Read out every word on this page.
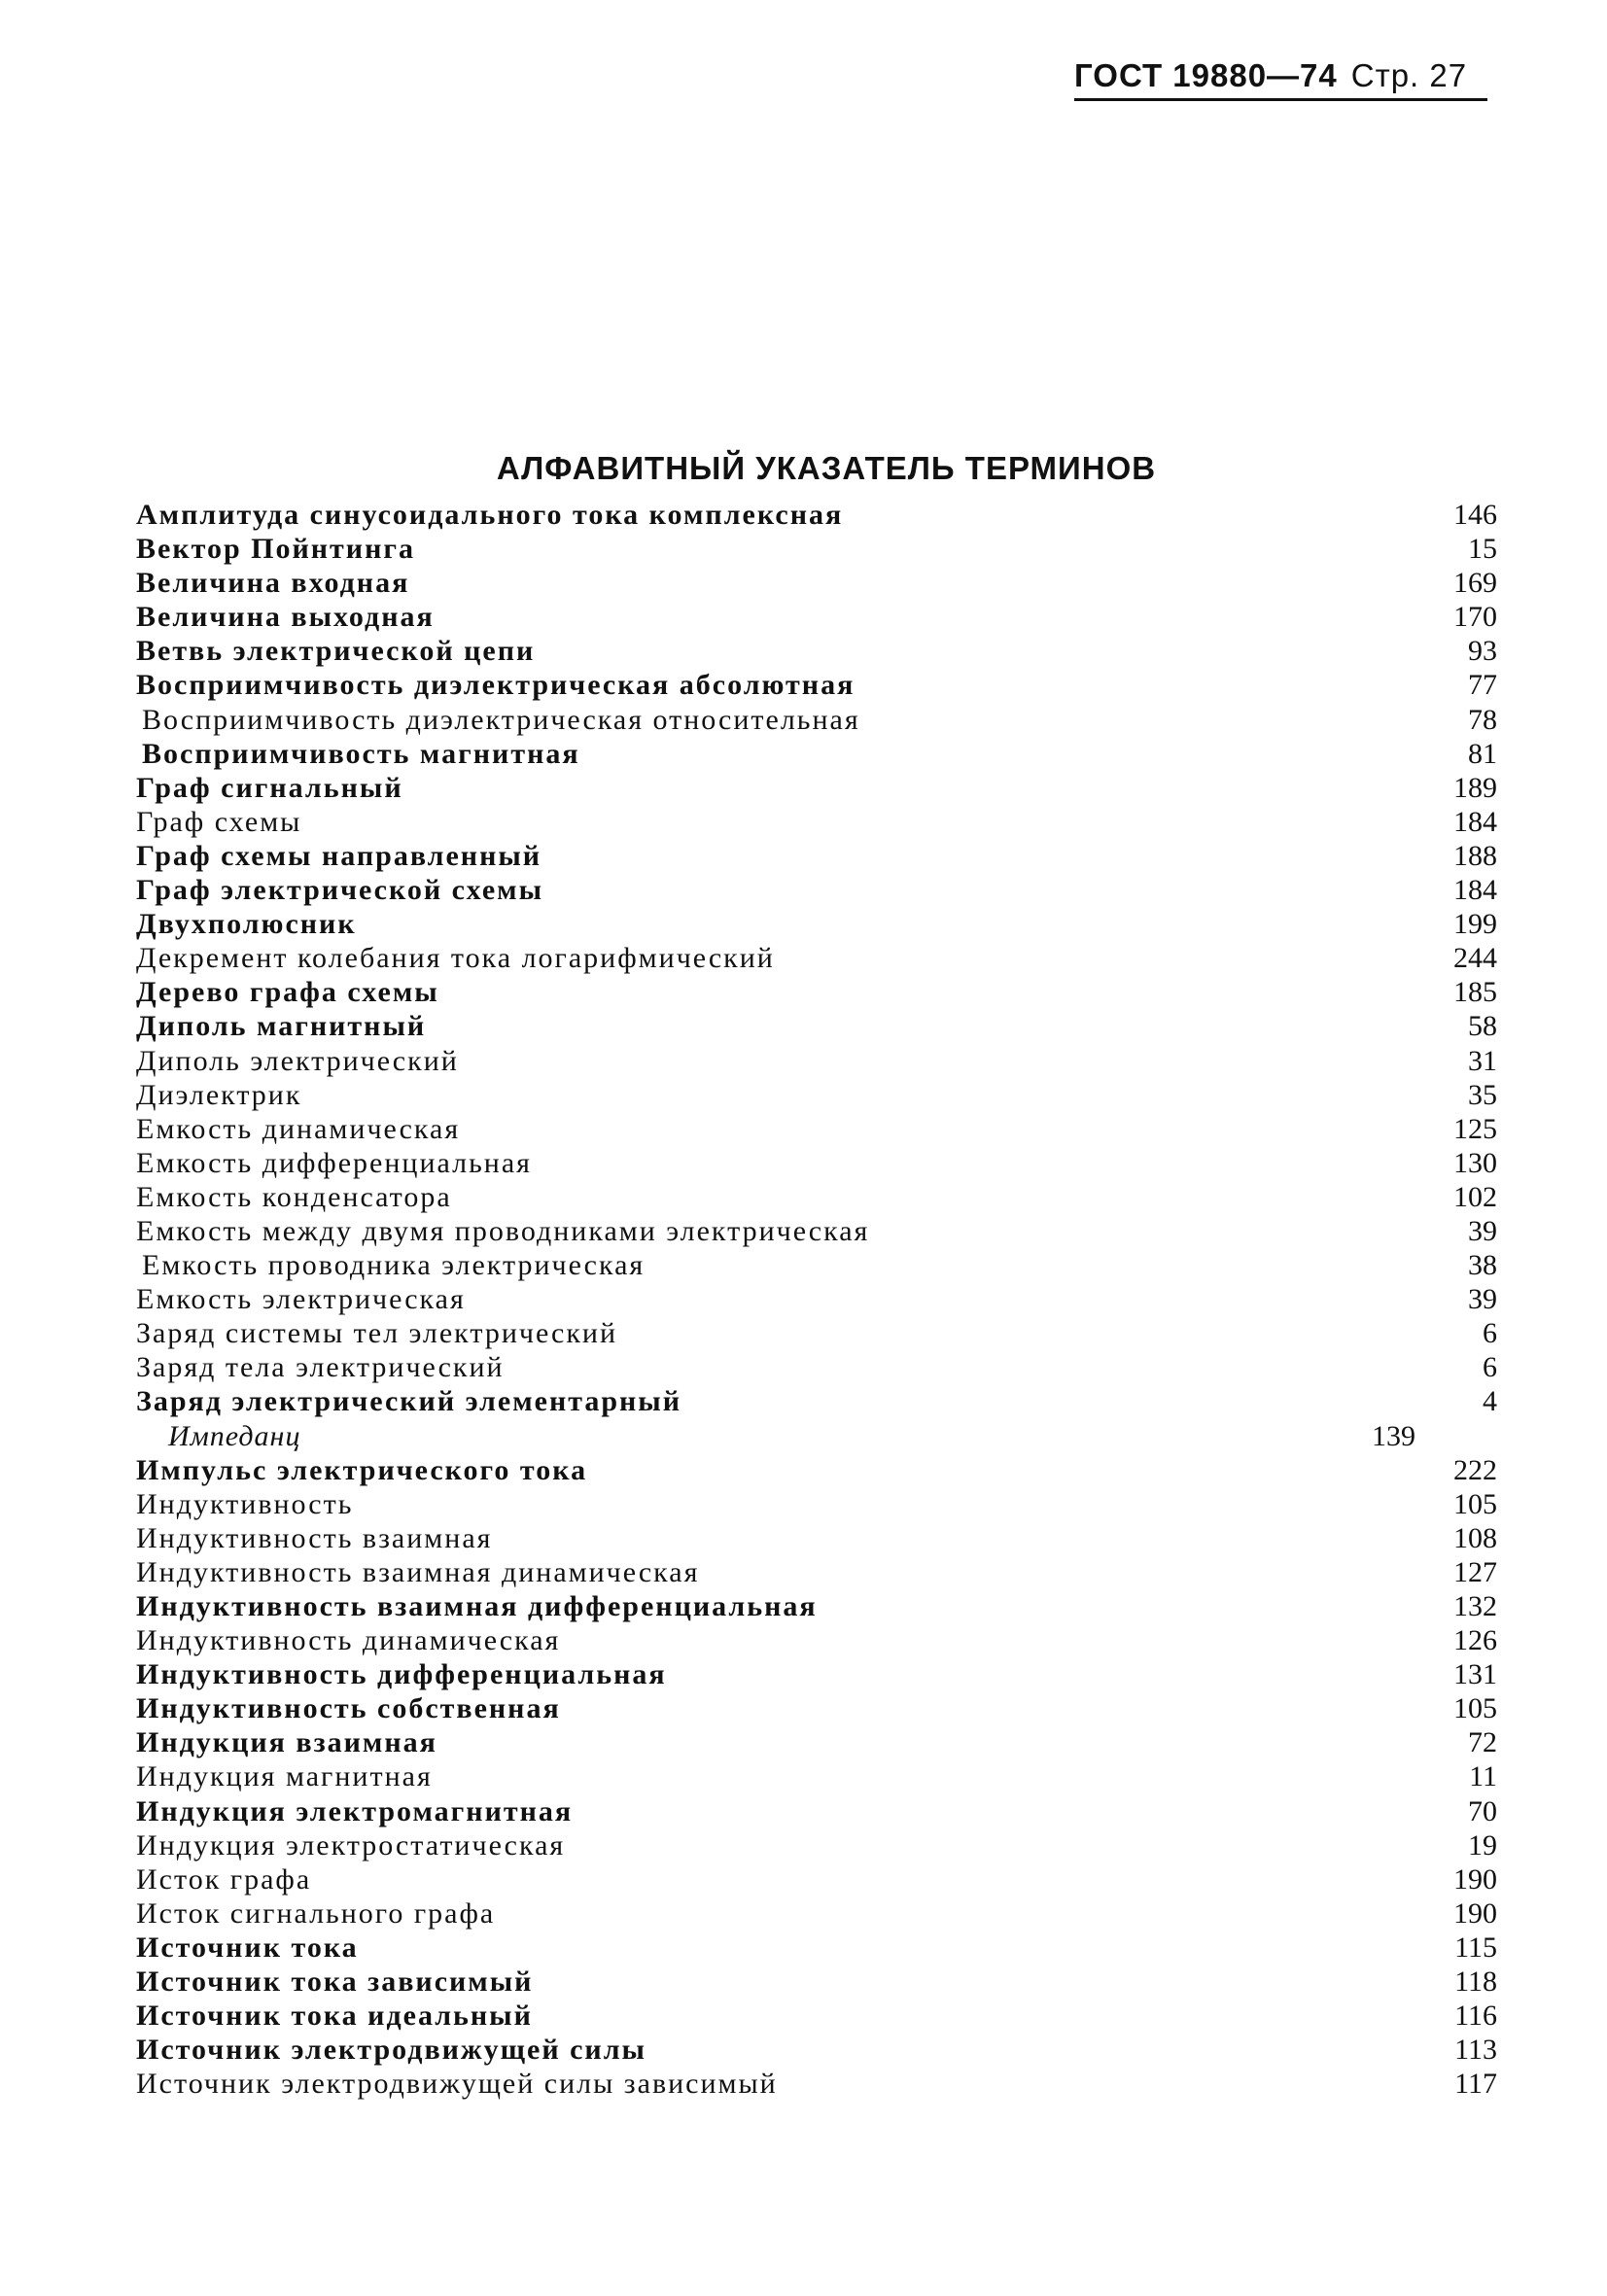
ГОСТ 19880—74 Стр. 27
АЛФАВИТНЫЙ УКАЗАТЕЛЬ ТЕРМИНОВ
Амплитуда синусоидального тока комплексная	146
Вектор Пойнтинга	15
Величина входная	169
Величина выходная	170
Ветвь электрической цепи	93
Восприимчивость диэлектрическая абсолютная	77
Восприимчивость диэлектрическая относительная	78
Восприимчивость магнитная	81
Граф сигнальный	189
Граф схемы	184
Граф схемы направленный	188
Граф электрической схемы	184
Двухполюсник	199
Декремент колебания тока логарифмический	244
Дерево графа схемы	185
Диполь магнитный	58
Диполь электрический	31
Диэлектрик	35
Емкость динамическая	125
Емкость дифференциальная	130
Емкость конденсатора	102
Емкость между двумя проводниками электрическая	39
Емкость проводника электрическая	38
Емкость электрическая	39
Заряд системы тел электрический	6
Заряд тела электрический	6
Заряд электрический элементарный	4
Импеданц	139
Импульс электрического тока	222
Индуктивность	105
Индуктивность взаимная	108
Индуктивность взаимная динамическая	127
Индуктивность взаимная дифференциальная	132
Индуктивность динамическая	126
Индуктивность дифференциальная	131
Индуктивность собственная	105
Индукция взаимная	72
Индукция магнитная	11
Индукция электромагнитная	70
Индукция электростатическая	19
Исток графа	190
Исток сигнального графа	190
Источник тока	115
Источник тока зависимый	118
Источник тока идеальный	116
Источник электродвижущей силы	113
Источник электродвижущей силы зависимый	117
